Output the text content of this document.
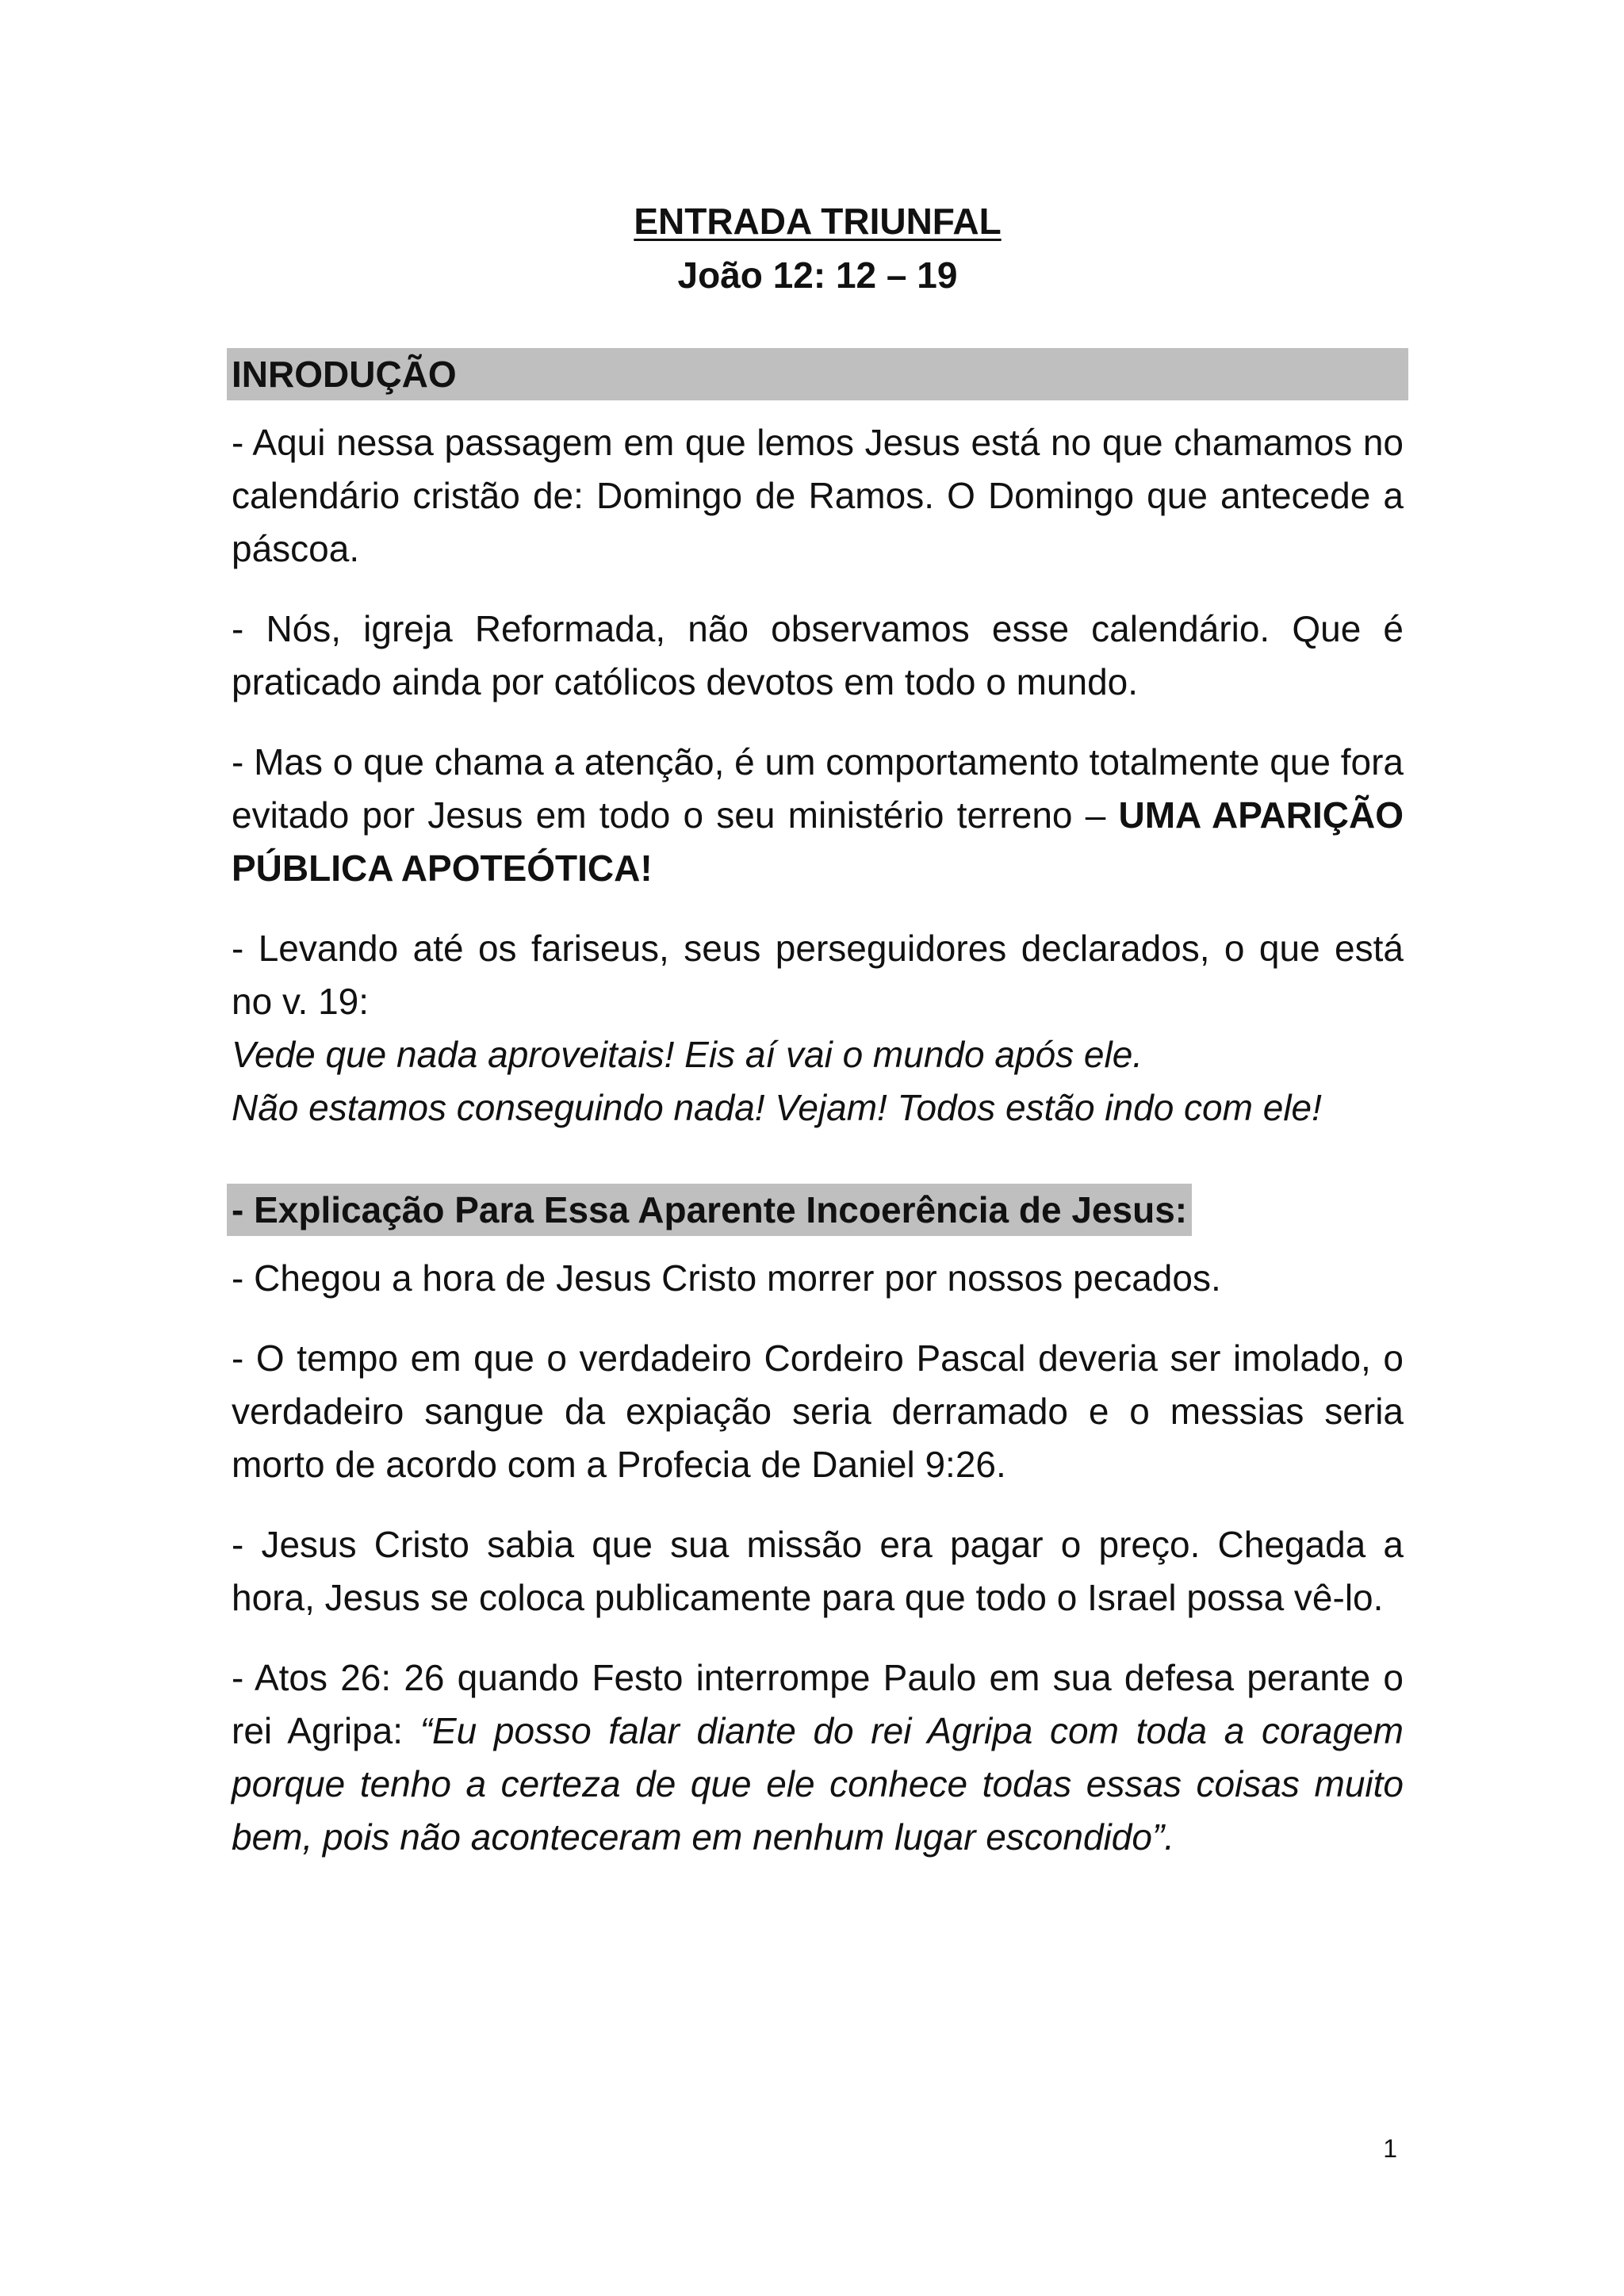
ENTRADA TRIUNFAL
João 12: 12 – 19
INRODUÇÃO

- Aqui nessa passagem em que lemos Jesus está no que chamamos no calendário cristão de: Domingo de Ramos. O Domingo que antecede a páscoa.

- Nós, igreja Reformada, não observamos esse calendário. Que é praticado ainda por católicos devotos em todo o mundo.

- Mas o que chama a atenção, é um comportamento totalmente que fora evitado por Jesus em todo o seu ministério terreno – UMA APARIÇÃO PÚBLICA APOTEÓTICA!

- Levando até os fariseus, seus perseguidores declarados, o que está no v. 19:
Vede que nada aproveitais! Eis aí vai o mundo após ele.
Não estamos conseguindo nada! Vejam! Todos estão indo com ele!

- Explicação Para Essa Aparente Incoerência de Jesus:

- Chegou a hora de Jesus Cristo morrer por nossos pecados.

- O tempo em que o verdadeiro Cordeiro Pascal deveria ser imolado, o verdadeiro sangue da expiação seria derramado e o messias seria morto de acordo com a Profecia de Daniel 9:26.

- Jesus Cristo sabia que sua missão era pagar o preço. Chegada a hora, Jesus se coloca publicamente para que todo o Israel possa vê-lo.

- Atos 26: 26 quando Festo interrompe Paulo em sua defesa perante o rei Agripa: “Eu posso falar diante do rei Agripa com toda a coragem porque tenho a certeza de que ele conhece todas essas coisas muito bem, pois não aconteceram em nenhum lugar escondido”.

1
